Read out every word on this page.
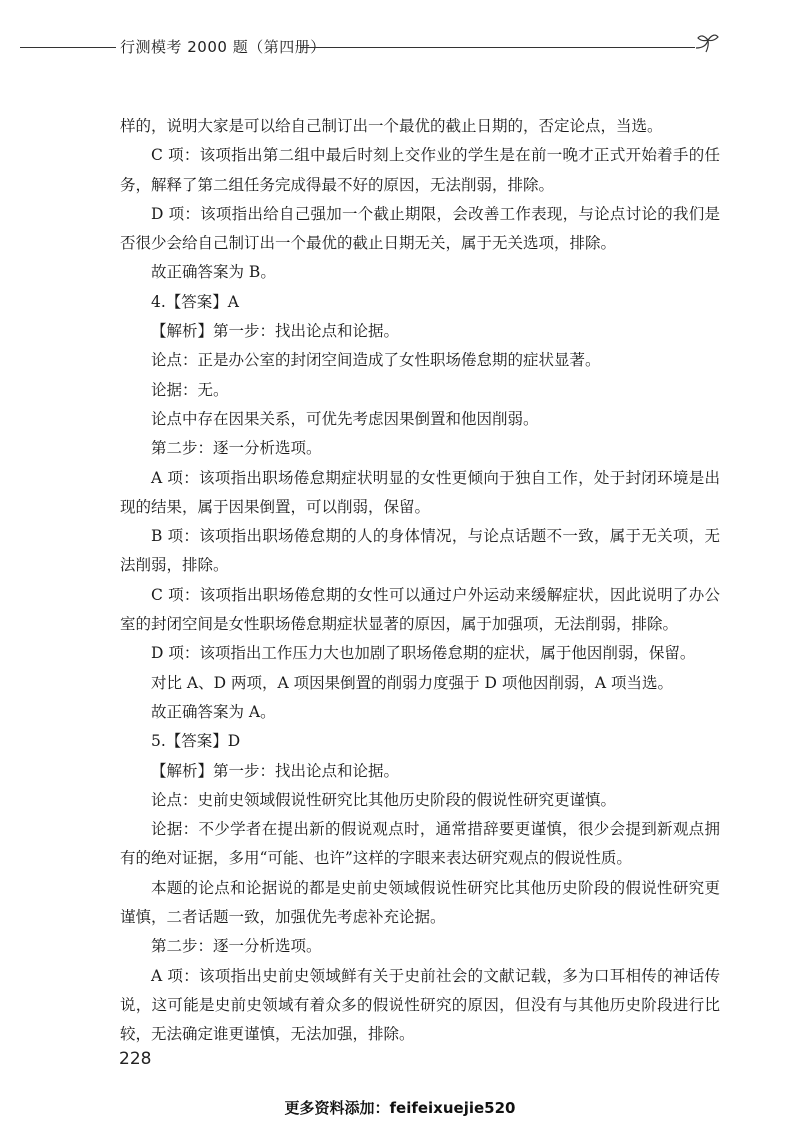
行测模考 2000 题（第四册）

样的，说明大家是可以给自己制订出一个最优的截止日期的，否定论点，当选。

C 项：该项指出第二组中最后时刻上交作业的学生是在前一晚才正式开始着手的任务，解释了第二组任务完成得最不好的原因，无法削弱，排除。

D 项：该项指出给自己强加一个截止期限，会改善工作表现，与论点讨论的我们是否很少会给自己制订出一个最优的截止日期无关，属于无关选项，排除。

故正确答案为 B。

4.【答案】A

【解析】第一步：找出论点和论据。

论点：正是办公室的封闭空间造成了女性职场倦怠期的症状显著。

论据：无。

论点中存在因果关系，可优先考虑因果倒置和他因削弱。

第二步：逐一分析选项。

A 项：该项指出职场倦怠期症状明显的女性更倾向于独自工作，处于封闭环境是出现的结果，属于因果倒置，可以削弱，保留。

B 项：该项指出职场倦怠期的人的身体情况，与论点话题不一致，属于无关项，无法削弱，排除。

C 项：该项指出职场倦怠期的女性可以通过户外运动来缓解症状，因此说明了办公室的封闭空间是女性职场倦怠期症状显著的原因，属于加强项，无法削弱，排除。

D 项：该项指出工作压力大也加剧了职场倦怠期的症状，属于他因削弱，保留。

对比 A、D 两项，A 项因果倒置的削弱力度强于 D 项他因削弱，A 项当选。

故正确答案为 A。

5.【答案】D

【解析】第一步：找出论点和论据。

论点：史前史领域假说性研究比其他历史阶段的假说性研究更谨慎。

论据：不少学者在提出新的假说观点时，通常措辞要更谨慎，很少会提到新观点拥有的绝对证据，多用“可能、也许”这样的字眼来表达研究观点的假说性质。

本题的论点和论据说的都是史前史领域假说性研究比其他历史阶段的假说性研究更谨慎，二者话题一致，加强优先考虑补充论据。

第二步：逐一分析选项。

A 项：该项指出史前史领域鲜有关于史前社会的文献记载，多为口耳相传的神话传说，这可能是史前史领域有着众多的假说性研究的原因，但没有与其他历史阶段进行比较，无法确定谁更谨慎，无法加强，排除。

228
更多资料添加：feifeixuejie520
